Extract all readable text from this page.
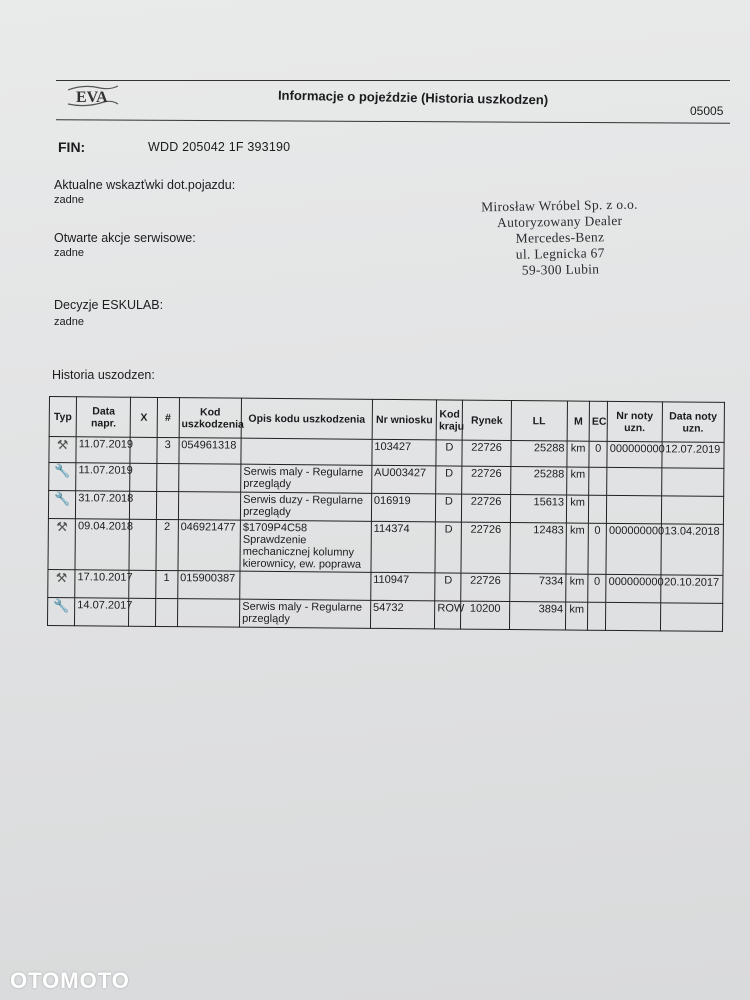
EVA	Informacje o pojeździe (Historia uszkodzen)
05005
FIN:	WDD 205042 1F 393190
Aktualne wskazťwki dot.pojazdu:
zadne
Otwarte akcje serwisowe:
zadne
Decyzje ESKULAB:
zadne
Mirosław Wróbel Sp. z o.o.
Autoryzowany Dealer
Mercedes-Benz
ul. Legnicka 67
59-300 Lubin
Historia uszodzen:
Typ	Data napr.	X	#	Kod uszkodzenia	Opis kodu uszkodzenia	Nr wniosku	Kod kraju	Rynek	LL	M	EC	Nr noty uzn.	Data noty uzn.
⚒	11.07.2019		3	054961318		103427	D	22726	25288	km	0	000000000	12.07.2019
🔧	11.07.2019				Serwis maly - Regularne przeglądy	AU003427	D	22726	25288	km			
🔧	31.07.2018				Serwis duzy - Regularne przeglądy	016919	D	22726	15613	km			
⚒	09.04.2018		2	046921477	$1709P4C58 Sprawdzenie mechanicznej kolumny kierownicy, ew. poprawa	114374	D	22726	12483	km	0	000000000	13.04.2018
⚒	17.10.2017		1	015900387		110947	D	22726	7334	km	0	000000000	20.10.2017
🔧	14.07.2017				Serwis maly - Regularne przeglądy	54732	ROW	10200	3894	km			
OTOMOTO
